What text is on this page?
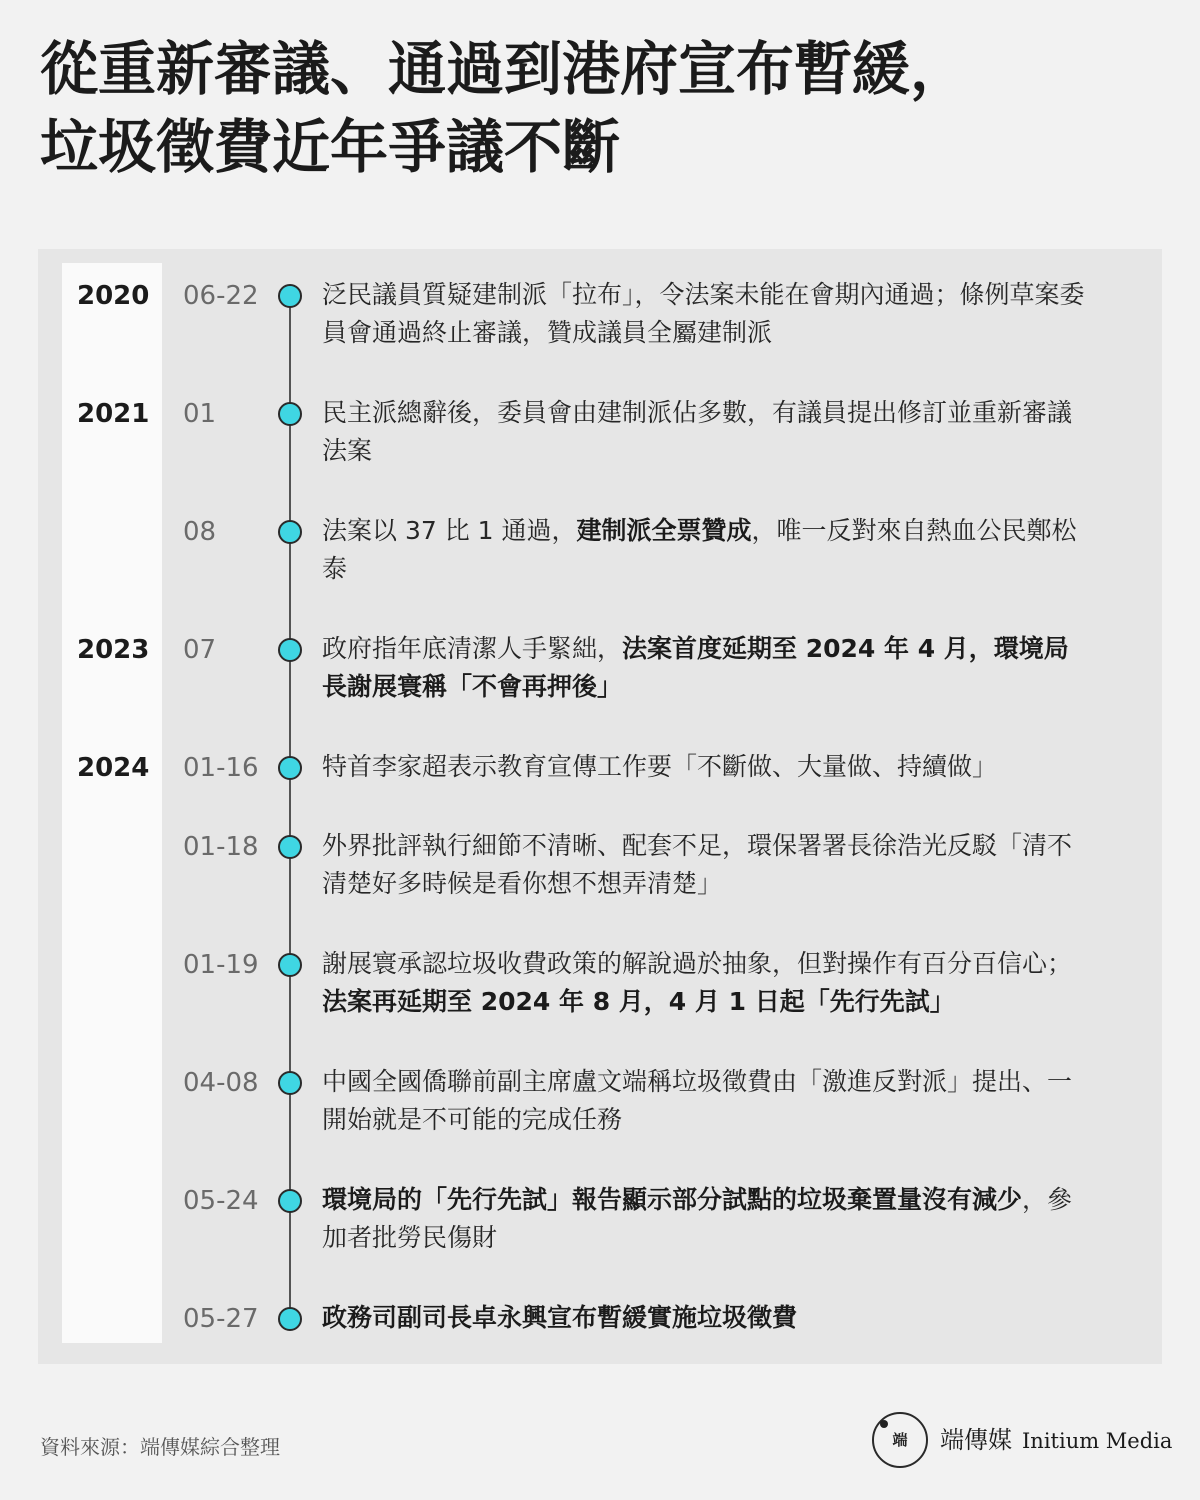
從重新審議、通過到港府宣布暫緩，
垃圾徵費近年爭議不斷
2020 06-22	泛民議員質疑建制派「拉布」，令法案未能在會期內通過；條例草案委員會通過終止審議，贊成議員全屬建制派

2021 01	民主派總辭後，委員會由建制派佔多數，有議員提出修訂並重新審議法案

08	法案以 37 比 1 通過，建制派全票贊成，唯一反對來自熱血公民鄭松泰

2023 07	政府指年底清潔人手緊絀，法案首度延期至 2024 年 4 月，環境局長謝展寰稱「不會再押後」

2024 01-16	特首李家超表示教育宣傳工作要「不斷做、大量做、持續做」

01-18	外界批評執行細節不清晰、配套不足，環保署署長徐浩光反駁「清不清楚好多時候是看你想不想弄清楚」

01-19	謝展寰承認垃圾收費政策的解說過於抽象，但對操作有百分百信心；法案再延期至 2024 年 8 月，4 月 1 日起「先行先試」

04-08	中國全國僑聯前副主席盧文端稱垃圾徵費由「激進反對派」提出、一開始就是不可能的完成任務

05-24	環境局的「先行先試」報告顯示部分試點的垃圾棄置量沒有減少，參加者批勞民傷財

05-27	政務司副司長卓永興宣布暫緩實施垃圾徵費

資料來源：端傳媒綜合整理	端	端傳媒 Initium Media
